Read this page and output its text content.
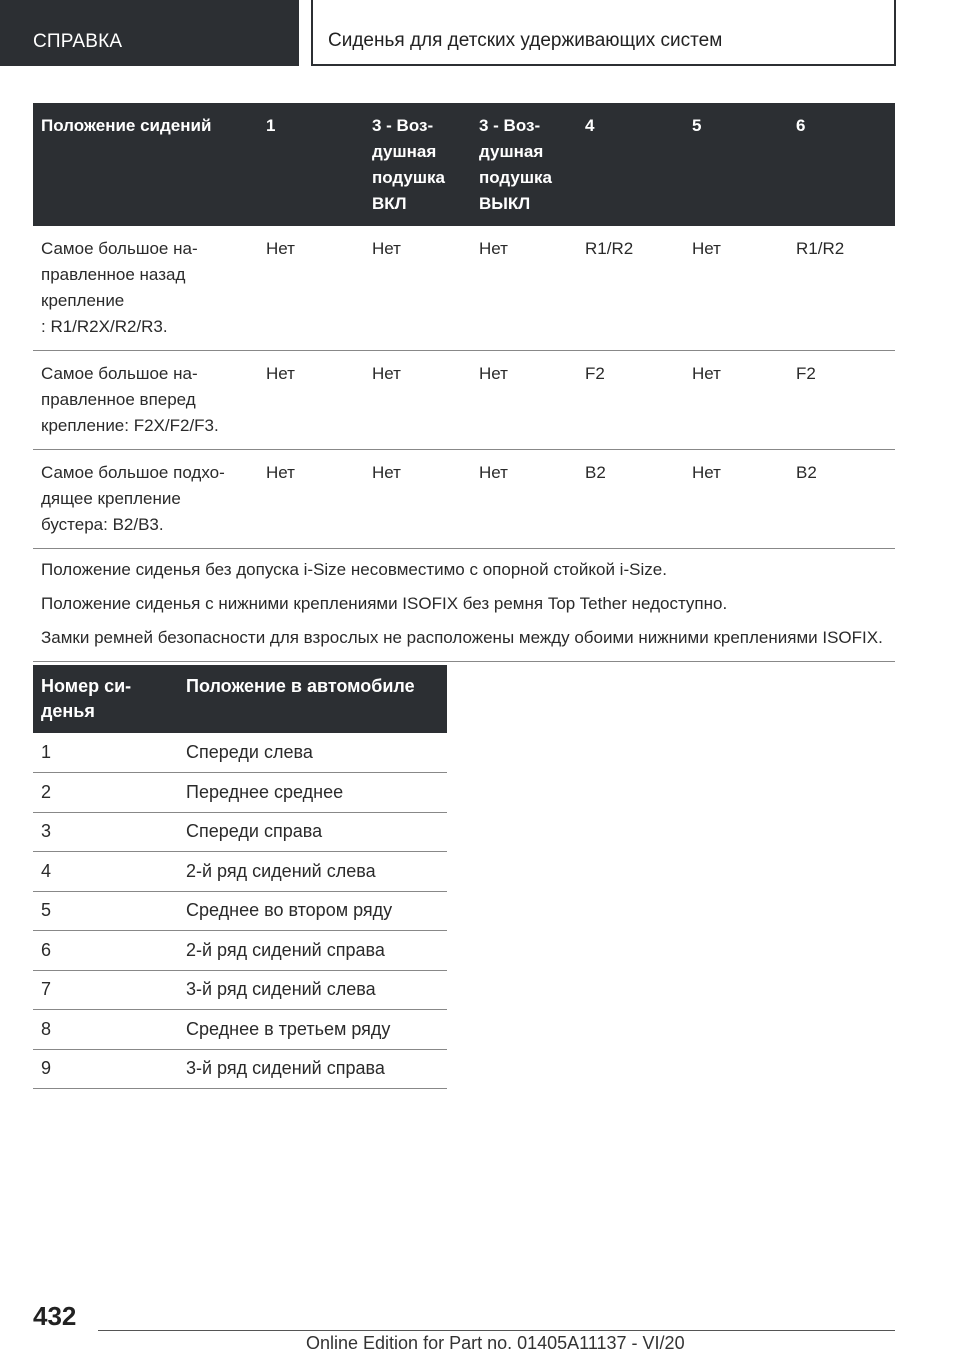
СПРАВКА	Сиденья для детских удерживающих систем
Положение сидений	1	3 - Воз-
душная
подушка
ВКЛ	3 - Воз-
душная
подушка
ВЫКЛ	4	5	6
Самое большое на-
правленное назад
крепление
: R1/R2X/R2/R3.	Нет	Нет	Нет	R1/R2	Нет	R1/R2
Самое большое на-
правленное вперед
крепление: F2X/F2/F3.	Нет	Нет	Нет	F2	Нет	F2
Самое большое подхо-
дящее крепление
бустера: B2/B3.	Нет	Нет	Нет	B2	Нет	B2

Положение сиденья без допуска i-Size несовместимо с опорной стойкой i-Size.
Положение сиденья с нижними креплениями ISOFIX без ремня Top Tether недоступно.
Замки ремней безопасности для взрослых не расположены между обоими нижними креплениями ISOFIX.						
Номер си-
денья	Положение в автомобиле
1	Спереди слева
2	Переднее среднее
3	Спереди справа
4	2-й ряд сидений слева
5	Среднее во втором ряду
6	2-й ряд сидений справа
7	3-й ряд сидений слева
8	Среднее в третьем ряду
9	3-й ряд сидений справа
432
Online Edition for Part no. 01405A11137 - VI/20
